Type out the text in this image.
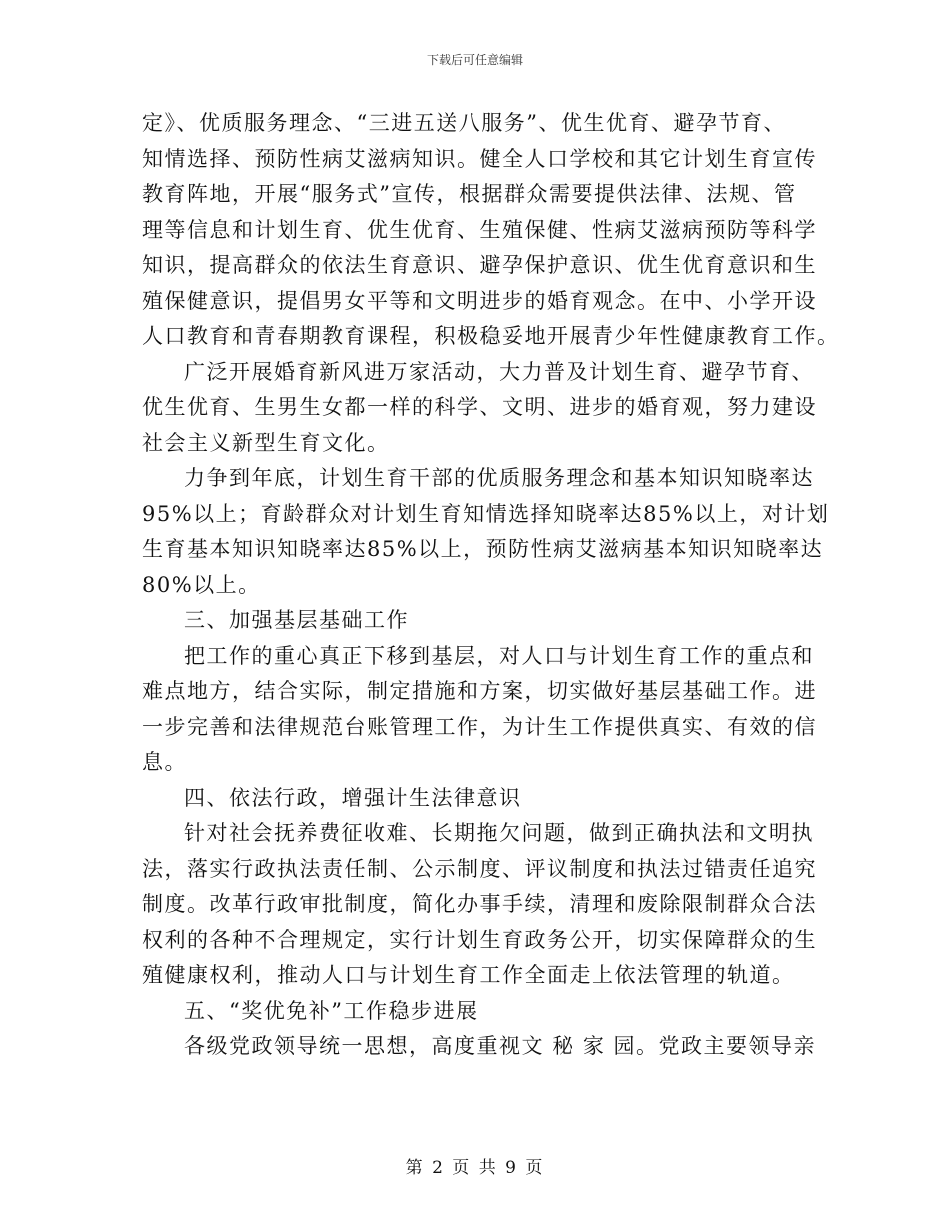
下载后可任意编辑
定》、优质服务理念、“三进五送八服务”、优生优育、避孕节育、
知情选择、预防性病艾滋病知识。健全人口学校和其它计划生育宣传
教育阵地，开展“服务式”宣传，根据群众需要提供法律、法规、管
理等信息和计划生育、优生优育、生殖保健、性病艾滋病预防等科学
知识，提高群众的依法生育意识、避孕保护意识、优生优育意识和生
殖保健意识，提倡男女平等和文明进步的婚育观念。在中、小学开设
人口教育和青春期教育课程，积极稳妥地开展青少年性健康教育工作。
广泛开展婚育新风进万家活动，大力普及计划生育、避孕节育、
优生优育、生男生女都一样的科学、文明、进步的婚育观，努力建设
社会主义新型生育文化。
力争到年底，计划生育干部的优质服务理念和基本知识知晓率达
95%以上；育龄群众对计划生育知情选择知晓率达85%以上，对计划
生育基本知识知晓率达85%以上，预防性病艾滋病基本知识知晓率达
80%以上。
三、加强基层基础工作
把工作的重心真正下移到基层，对人口与计划生育工作的重点和
难点地方，结合实际，制定措施和方案，切实做好基层基础工作。进
一步完善和法律规范台账管理工作，为计生工作提供真实、有效的信
息。
四、依法行政，增强计生法律意识
针对社会抚养费征收难、长期拖欠问题，做到正确执法和文明执
法，落实行政执法责任制、公示制度、评议制度和执法过错责任追究
制度。改革行政审批制度，简化办事手续，清理和废除限制群众合法
权利的各种不合理规定，实行计划生育政务公开，切实保障群众的生
殖健康权利，推动人口与计划生育工作全面走上依法管理的轨道。
五、“奖优免补”工作稳步进展
各级党政领导统一思想，高度重视文 秘 家 园。党政主要领导亲
第 2 页 共 9 页
